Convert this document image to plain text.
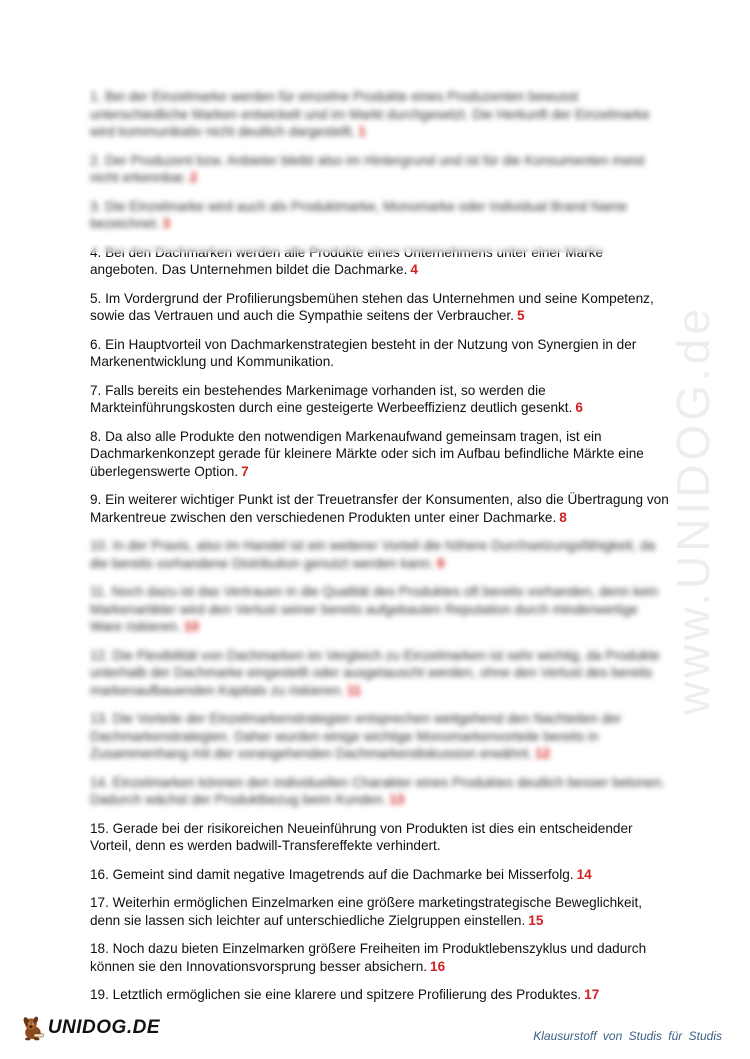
www.UNIDOG.de

1. Bei der Einzelmarke werden für einzelne Produkte eines Produzenten bewusst unterschiedliche Marken entwickelt und im Markt durchgesetzt. Die Herkunft der Einzelmarke wird kommunikativ nicht deutlich dargestellt. 1

2. Der Produzent bzw. Anbieter bleibt also im Hintergrund und ist für die Konsumenten meist nicht erkennbar. 2

3. Die Einzelmarke wird auch als Produktmarke, Monomarke oder Individual Brand Name bezeichnet. 3

4. Bei den Dachmarken werden alle Produkte eines Unternehmens unter einer Marke angeboten. Das Unternehmen bildet die Dachmarke. 4

5. Im Vordergrund der Profilierungsbemühen stehen das Unternehmen und seine Kompetenz, sowie das Vertrauen und auch die Sympathie seitens der Verbraucher. 5

6. Ein Hauptvorteil von Dachmarkenstrategien besteht in der Nutzung von Synergien in der Markenentwicklung und Kommunikation.

7. Falls bereits ein bestehendes Markenimage vorhanden ist, so werden die Markteinführungskosten durch eine gesteigerte Werbeeffizienz deutlich gesenkt. 6

8. Da also alle Produkte den notwendigen Markenaufwand gemeinsam tragen, ist ein Dachmarkenkonzept gerade für kleinere Märkte oder sich im Aufbau befindliche Märkte eine überlegenswerte Option. 7

9. Ein weiterer wichtiger Punkt ist der Treuetransfer der Konsumenten, also die Übertragung von Markentreue zwischen den verschiedenen Produkten unter einer Dachmarke. 8

10. In der Praxis, also im Handel ist ein weiterer Vorteil die höhere Durchsetzungsfähigkeit, da die bereits vorhandene Distribution genutzt werden kann. 9

11. Noch dazu ist das Vertrauen in die Qualität des Produktes oft bereits vorhanden, denn kein Markenartikler wird den Verlust seiner bereits aufgebauten Reputation durch minderwertige Ware riskieren. 10

12. Die Flexibilität von Dachmarken im Vergleich zu Einzelmarken ist sehr wichtig, da Produkte unterhalb der Dachmarke eingestellt oder ausgetauscht werden, ohne den Verlust des bereits markenaufbauenden Kapitals zu riskieren. 11

13. Die Vorteile der Einzelmarkenstrategien entsprechen weitgehend den Nachteilen der Dachmarkenstrategien. Daher wurden einige wichtige Monomarkenvorteile bereits in Zusammenhang mit der vorangehenden Dachmarkendiskussion erwähnt. 12

14. Einzelmarken können den individuellen Charakter eines Produktes deutlich besser betonen. Dadurch wächst der Produktbezug beim Kunden. 13

15. Gerade bei der risikoreichen Neueinführung von Produkten ist dies ein entscheidender Vorteil, denn es werden badwill-Transfereffekte verhindert.

16. Gemeint sind damit negative Imagetrends auf die Dachmarke bei Misserfolg. 14

17. Weiterhin ermöglichen Einzelmarken eine größere marketingstrategische Beweglichkeit, denn sie lassen sich leichter auf unterschiedliche Zielgruppen einstellen. 15

18. Noch dazu bieten Einzelmarken größere Freiheiten im Produktlebenszyklus und dadurch können sie den Innovationsvorsprung besser absichern. 16

19. Letztlich ermöglichen sie eine klarere und spitzere Profilierung des Produktes. 17

UNIDOG.DE	Klausurstoff von Studis für Studis
